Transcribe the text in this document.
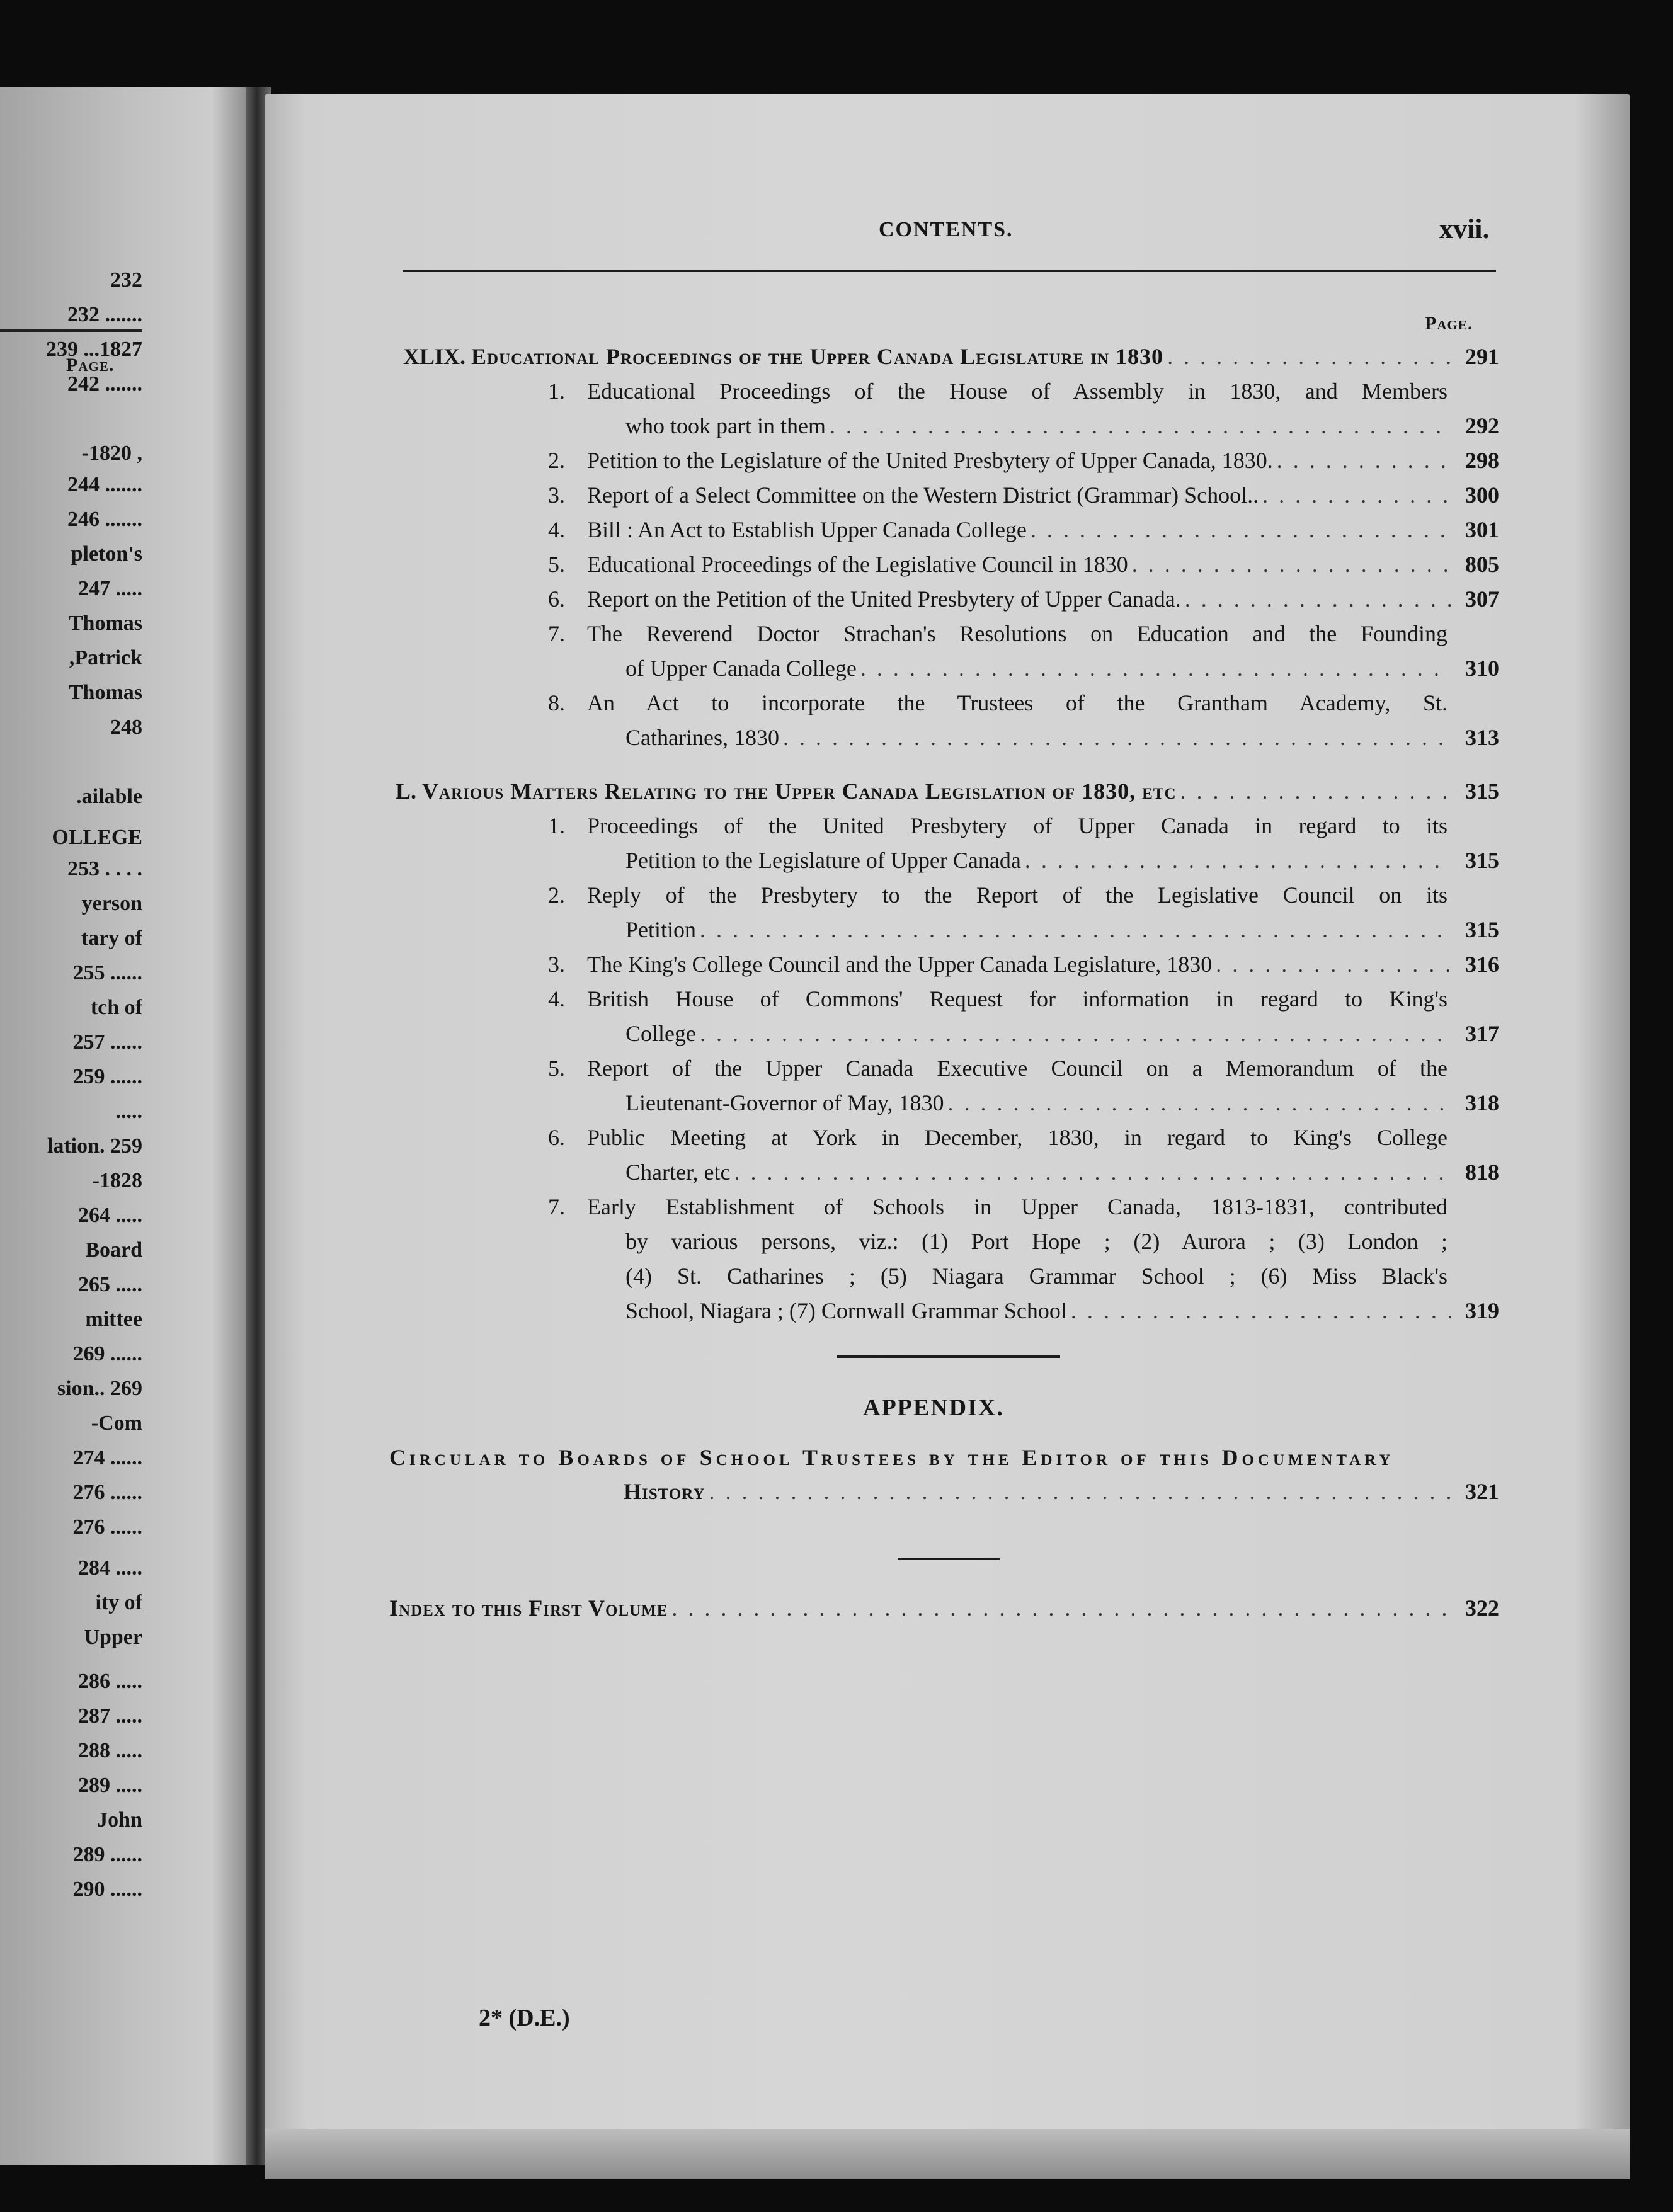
Page.
232
....... 232
1827... 239
....... 242
, 1820-
....... 244
....... 246
pleton's
..... 247
Thomas
Patrick,
Thomas
248
ailable.
OLLEGE
. . . . 253
yerson
tary of
...... 255
tch of
...... 257
...... 259
.....
lation. 259
1828-
..... 264
Board
..... 265
mittee
...... 269
sion.. 269
Com-
...... 274
...... 276
...... 276
..... 284
ity of
Upper
..... 286
..... 287
..... 288
..... 289
John
...... 289
...... 290
CONTENTS.	xvii.
Page.
XLIX. Educational Proceedings of the Upper Canada Legislature in 1830 . . .	291
1. Educational Proceedings of the House of Assembly in 1830, and Members
who took part in them . . .	292
2. Petition to the Legislature of the United Presbytery of Upper Canada, 1830. . . .	298
3. Report of a Select Committee on the Western District (Grammar) School.. . . .	300
4. Bill : An Act to Establish Upper Canada College . . .	301
5. Educational Proceedings of the Legislative Council in 1830 . . .	805
6. Report on the Petition of the United Presbytery of Upper Canada. . . .	307
7. The Reverend Doctor Strachan's Resolutions on Education and the Founding
of Upper Canada College . . .	310
8. An Act to incorporate the Trustees of the Grantham Academy, St.
Catharines, 1830 . . .	313
L. Various Matters Relating to the Upper Canada Legislation of 1830, etc . . .	315
1. Proceedings of the United Presbytery of Upper Canada in regard to its
Petition to the Legislature of Upper Canada . . .	315
2. Reply of the Presbytery to the Report of the Legislative Council on its
Petition . . .	315
3. The King's College Council and the Upper Canada Legislature, 1830 . . .	316
4. British House of Commons' Request for information in regard to King's
College . . .	317
5. Report of the Upper Canada Executive Council on a Memorandum of the
Lieutenant-Governor of May, 1830 . . .	318
6. Public Meeting at York in December, 1830, in regard to King's College
Charter, etc . . .	818
7. Early Establishment of Schools in Upper Canada, 1813-1831, contributed
by various persons, viz.: (1) Port Hope ; (2) Aurora ; (3) London ;
(4) St. Catharines ; (5) Niagara Grammar School ; (6) Miss Black's
School, Niagara ; (7) Cornwall Grammar School . . .	319
APPENDIX.
Circular to Boards of School Trustees by the Editor of this Documentary
History . . .	321
Index to this First Volume . . .	322
2* (D.E.)
